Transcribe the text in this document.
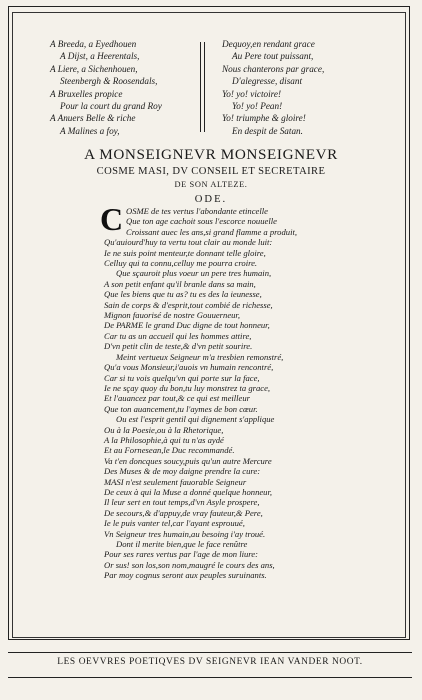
A Breeda, a Eyedhouen
A Dijst, a Heerentals,
A Liere, a Sichenhouen,
Steenbergh & Roosendals,
A Bruxelles propice
Pour la court du grand Roy
A Anuers Belle & riche
A Malines a foy,
Dequoy,en rendant grace
Au Pere tout puissant,
Nous chanterons par grace,
D'alegresse, disant
Yo! yo! victoire!
Yo! yo! Pean!
Yo! triumphe & gloire!
En despit de Satan.
A MONSEIGNEVR MONSEIGNEVR
COSME MASI, DV CONSEIL ET SECRETAIRE
DE SON ALTEZE.
ODE.
C OSME de tes vertus l'abondante etincelle
Que ton age cachoit sous l'escorce nouuelle
Croissant auec les ans,si grand flamme a produit,
Qu'auiourd'huy ta vertu tout clair au monde luit:
Ie ne suis point menteur,te donnant telle gloire,
Celluy qui ta connu,celluy me pourra croire.
Que sçauroit plus voeur un pere tres humain,
A son petit enfant qu'il branle dans sa main,
Que les biens que tu as? tu es des la ieunesse,
Sain de corps & d'esprit,tout combié de richesse,
Mignon fauorisé de nostre Gouuerneur,
De PARME le grand Duc digne de tout honneur,
Car tu as un accueil qui les hommes attire,
D'vn petit clin de teste,& d'vn petit sourire.
Meint vertueux Seigneur m'a tresbien remonstré,
Qu'a vous Monsieur,i'auois vn humain rencontré,
Car si tu vois quelqu'vn qui porte sur la face,
Ie ne sçay quoy du bon,tu luy monstrez ta grace,
Et l'auancez par tout,& ce qui est meilleur
Que ton auancement,tu l'aymes de bon cœur.
Ou est l'esprit gentil qui dignement s'applique
Ou à la Poesie,ou à la Rhetorique,
A la Philosophie,à qui tu n'as aydé
Et au Fornesean,le Duc recommandé.
Va t'en doncques soucy,puis qu'un autre Mercure
Des Muses & de moy daigne prendre la cure:
MASI n'est seulement fauorable Seigneur
De ceux à qui la Muse a donné quelque honneur,
Il leur sert en tout temps,d'vn Asyle prospere,
De secours,& d'appuy,de vray fauteur,& Pere,
Ie le puis vanter tel,car l'ayant esprouué,
Vn Seigneur tres humain,au besoing i'ay troué.
Dont il merite bien,que le face renûtre
Pour ses rares vertus par l'age de mon liure:
Or sus! son los,son nom,maugré le cours des ans,
Par moy cognus seront aux peuples suruinants.
LES OEVVRES POETIQVES DV SEIGNEVR IEAN VANDER NOOT.
